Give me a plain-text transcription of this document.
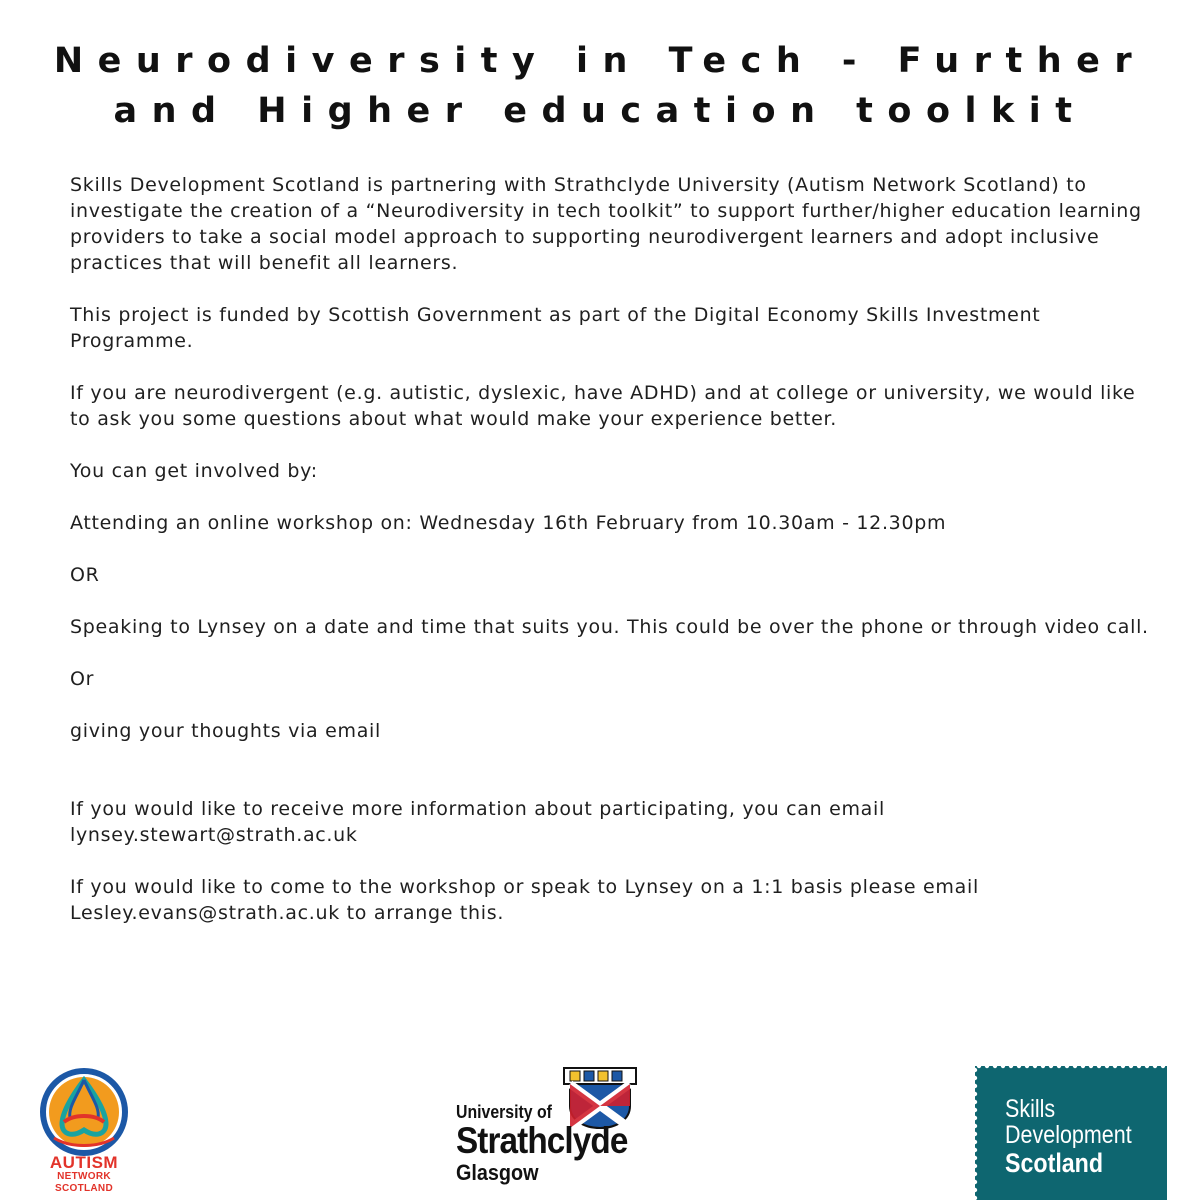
Neurodiversity in Tech - Further
and Higher education toolkit

Skills Development Scotland is partnering with Strathclyde University (Autism Network Scotland) to investigate the creation of a “Neurodiversity in tech toolkit” to support further/higher education learning providers to take a social model approach to supporting neurodivergent learners and adopt inclusive practices that will benefit all learners.

This project is funded by Scottish Government as part of the Digital Economy Skills Investment Programme.

If you are neurodivergent (e.g. autistic, dyslexic, have ADHD) and at college or university, we would like to ask you some questions about what would make your experience better.

You can get involved by:

Attending an online workshop on: Wednesday 16th February from 10.30am - 12.30pm

OR

Speaking to Lynsey on a date and time that suits you. This could be over the phone or through video call.

Or

giving your thoughts via email

If you would like to receive more information about participating, you can email lynsey.stewart@strath.ac.uk

If you would like to come to the workshop or speak to Lynsey on a 1:1 basis please email Lesley.evans@strath.ac.uk to arrange this.

AUTISM
NETWORK
SCOTLAND
University of
Strathclyde
Glasgow
Skills
Development
Scotland
